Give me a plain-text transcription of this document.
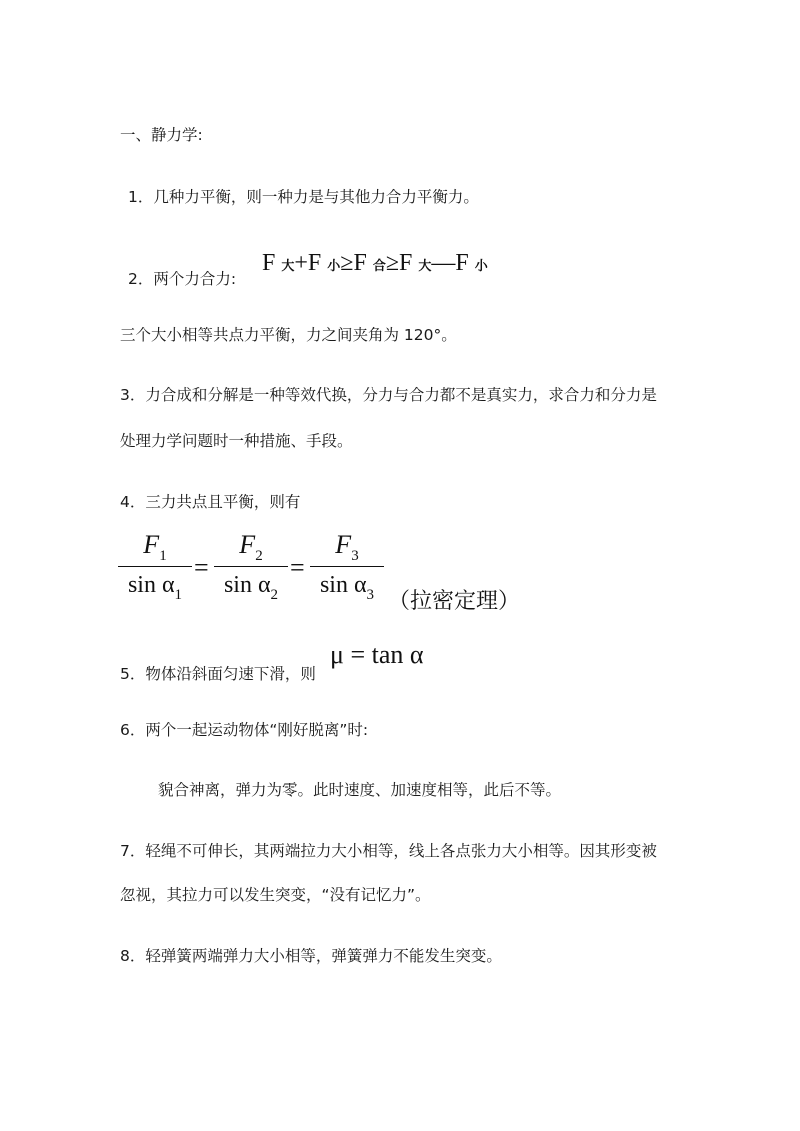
一、静力学:
1．几种力平衡，则一种力是与其他力合力平衡力。
2．两个力合力:
F 大+F 小≥F 合≥F 大—F 小
三个大小相等共点力平衡，力之间夹角为 120°。
3．力合成和分解是一种等效代换，分力与合力都不是真实力，求合力和分力是
处理力学问题时一种措施、手段。
4．三力共点且平衡，则有
$F_1$
$\sin \alpha_1$
=
$F_2$
$\sin \alpha_2$
=
$F_3$
$\sin \alpha_3$ （拉密定理）
5．物体沿斜面匀速下滑，则
μ = tan α
6．两个一起运动物体“刚好脱离”时:
貌合神离，弹力为零。此时速度、加速度相等，此后不等。
7．轻绳不可伸长，其两端拉力大小相等，线上各点张力大小相等。因其形变被
忽视，其拉力可以发生突变，“没有记忆力”。
8．轻弹簧两端弹力大小相等，弹簧弹力不能发生突变。
